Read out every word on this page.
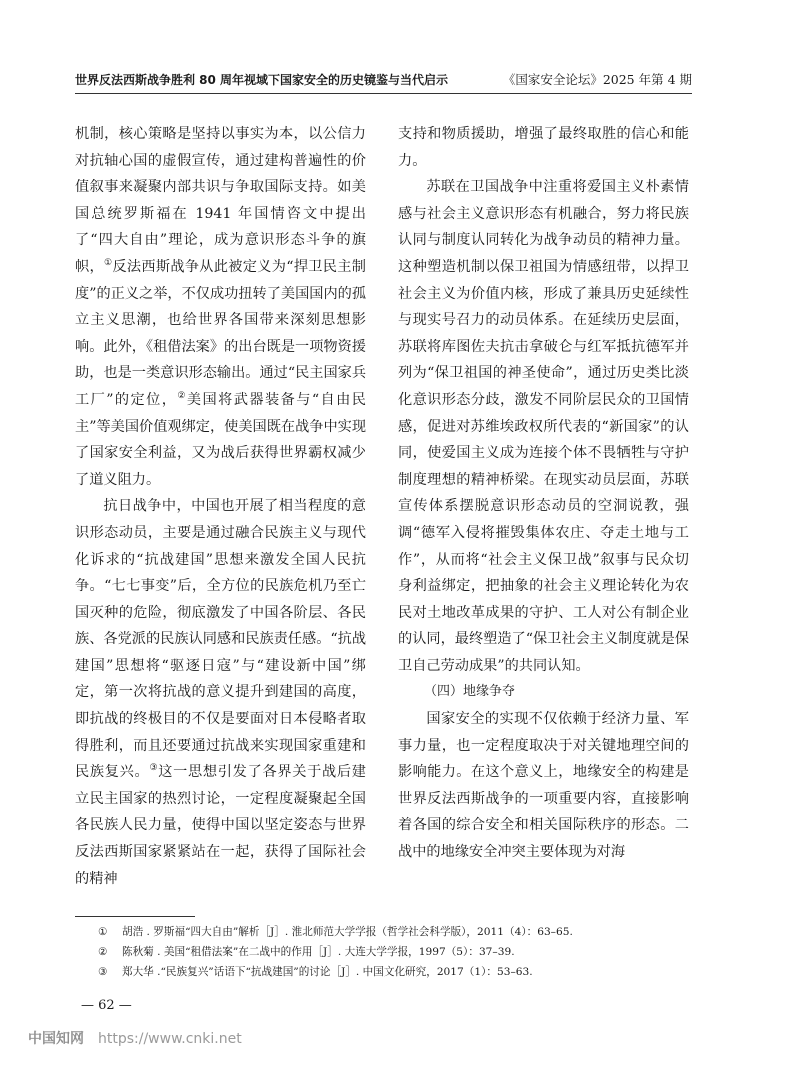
世界反法西斯战争胜利 80 周年视域下国家安全的历史镜鉴与当代启示	《国家安全论坛》2025 年第 4 期

机制，核心策略是坚持以事实为本，以公信力对抗轴心国的虚假宣传，通过建构普遍性的价值叙事来凝聚内部共识与争取国际支持。如美国总统罗斯福在 1941 年国情咨文中提出了“四大自由”理论，成为意识形态斗争的旗帜，①反法西斯战争从此被定义为“捍卫民主制度”的正义之举，不仅成功扭转了美国国内的孤立主义思潮，也给世界各国带来深刻思想影响。此外，《租借法案》的出台既是一项物资援助，也是一类意识形态输出。通过“民主国家兵工厂”的定位，②美国将武器装备与“自由民主”等美国价值观绑定，使美国既在战争中实现了国家安全利益，又为战后获得世界霸权减少了道义阻力。

抗日战争中，中国也开展了相当程度的意识形态动员，主要是通过融合民族主义与现代化诉求的“抗战建国”思想来激发全国人民抗争。“七七事变”后，全方位的民族危机乃至亡国灭种的危险，彻底激发了中国各阶层、各民族、各党派的民族认同感和民族责任感。“抗战建国”思想将“驱逐日寇”与“建设新中国”绑定，第一次将抗战的意义提升到建国的高度，即抗战的终极目的不仅是要面对日本侵略者取得胜利，而且还要通过抗战来实现国家重建和民族复兴。③这一思想引发了各界关于战后建立民主国家的热烈讨论，一定程度凝聚起全国各民族人民力量，使得中国以坚定姿态与世界反法西斯国家紧紧站在一起，获得了国际社会的精神

支持和物质援助，增强了最终取胜的信心和能力。

苏联在卫国战争中注重将爱国主义朴素情感与社会主义意识形态有机融合，努力将民族认同与制度认同转化为战争动员的精神力量。这种塑造机制以保卫祖国为情感纽带，以捍卫社会主义为价值内核，形成了兼具历史延续性与现实号召力的动员体系。在延续历史层面，苏联将库图佐夫抗击拿破仑与红军抵抗德军并列为“保卫祖国的神圣使命”，通过历史类比淡化意识形态分歧，激发不同阶层民众的卫国情感，促进对苏维埃政权所代表的“新国家”的认同，使爱国主义成为连接个体不畏牺牲与守护制度理想的精神桥梁。在现实动员层面，苏联宣传体系摆脱意识形态动员的空洞说教，强调“德军入侵将摧毁集体农庄、夺走土地与工作”，从而将“社会主义保卫战”叙事与民众切身利益绑定，把抽象的社会主义理论转化为农民对土地改革成果的守护、工人对公有制企业的认同，最终塑造了“保卫社会主义制度就是保卫自己劳动成果”的共同认知。

（四）地缘争夺

国家安全的实现不仅依赖于经济力量、军事力量，也一定程度取决于对关键地理空间的影响能力。在这个意义上，地缘安全的构建是世界反法西斯战争的一项重要内容，直接影响着各国的综合安全和相关国际秩序的形态。二战中的地缘安全冲突主要体现为对海

① 胡浩 . 罗斯福“四大自由”解析［J］. 淮北师范大学学报（哲学社会科学版），2011（4）：63–65.
② 陈秋菊 . 美国“租借法案”在二战中的作用［J］. 大连大学学报，1997（5）：37–39.
③ 郑大华 .“民族复兴”话语下“抗战建国”的讨论［J］. 中国文化研究，2017（1）：53–63.
— 62 —
中国知网 https://www.cnki.net
